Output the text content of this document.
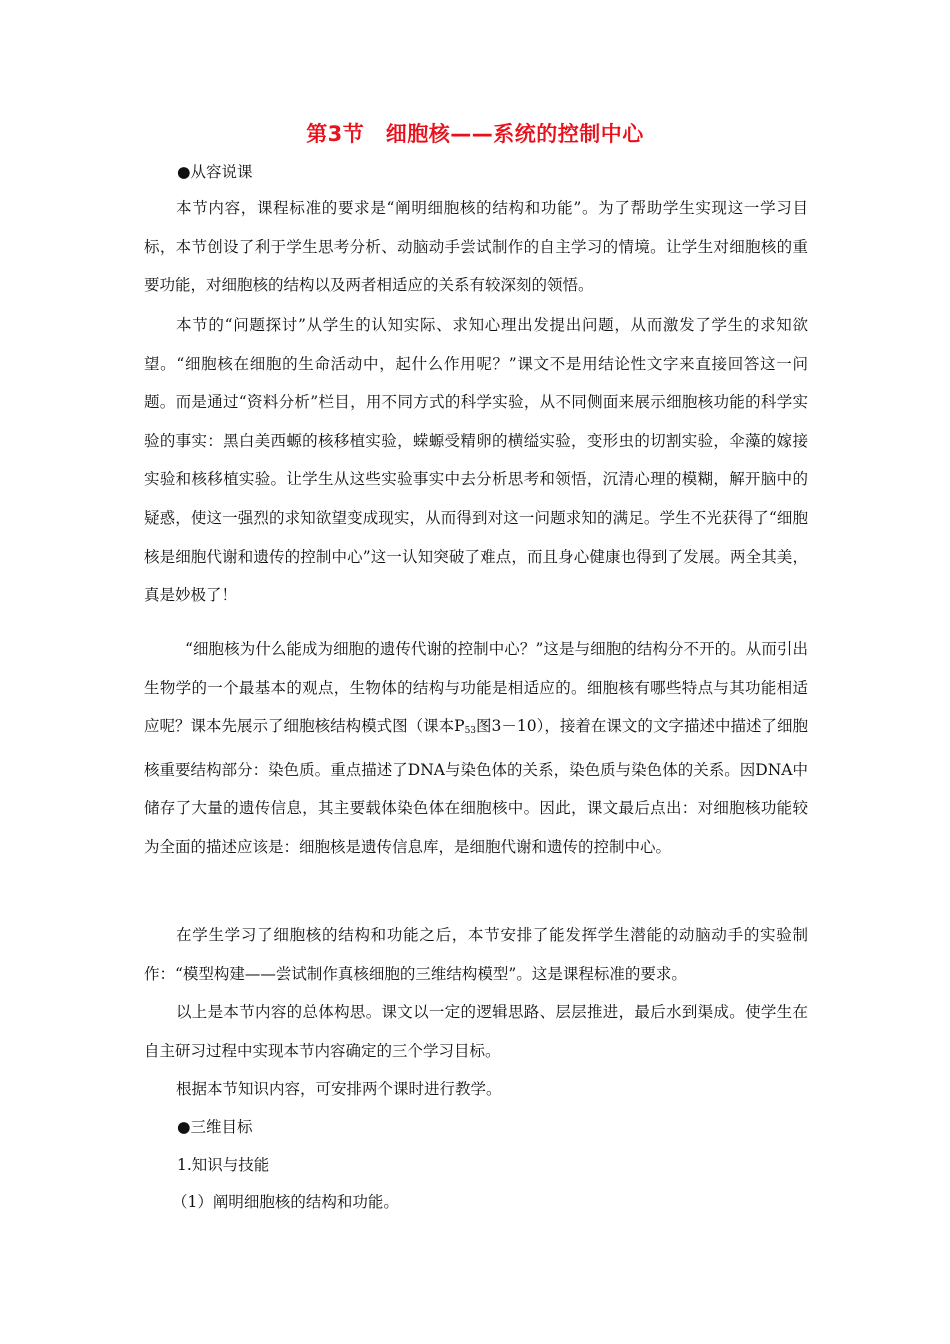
第3节　细胞核——系统的控制中心
●从容说课

本节内容，课程标准的要求是“阐明细胞核的结构和功能”。为了帮助学生实现这一学习目标，本节创设了利于学生思考分析、动脑动手尝试制作的自主学习的情境。让学生对细胞核的重要功能，对细胞核的结构以及两者相适应的关系有较深刻的领悟。

本节的“问题探讨”从学生的认知实际、求知心理出发提出问题，从而激发了学生的求知欲望。“细胞核在细胞的生命活动中，起什么作用呢？”课文不是用结论性文字来直接回答这一问题。而是通过“资料分析”栏目，用不同方式的科学实验，从不同侧面来展示细胞核功能的科学实验的事实：黑白美西螈的核移植实验，蝾螈受精卵的横缢实验，变形虫的切割实验，伞藻的嫁接实验和核移植实验。让学生从这些实验事实中去分析思考和领悟，沉清心理的模糊，解开脑中的疑惑，使这一强烈的求知欲望变成现实，从而得到对这一问题求知的满足。学生不光获得了“细胞核是细胞代谢和遗传的控制中心”这一认知突破了难点，而且身心健康也得到了发展。两全其美，真是妙极了！

“细胞核为什么能成为细胞的遗传代谢的控制中心？”这是与细胞的结构分不开的。从而引出生物学的一个最基本的观点，生物体的结构与功能是相适应的。细胞核有哪些特点与其功能相适应呢？课本先展示了细胞核结构模式图（课本$P_{53}$图3－10），接着在课文的文字描述中描述了细胞核重要结构部分：染色质。重点描述了DNA与染色体的关系，染色质与染色体的关系。因DNA中储存了大量的遗传信息，其主要载体染色体在细胞核中。因此，课文最后点出：对细胞核功能较为全面的描述应该是：细胞核是遗传信息库，是细胞代谢和遗传的控制中心。

在学生学习了细胞核的结构和功能之后，本节安排了能发挥学生潜能的动脑动手的实验制作：“模型构建——尝试制作真核细胞的三维结构模型”。这是课程标准的要求。

以上是本节内容的总体构思。课文以一定的逻辑思路、层层推进，最后水到渠成。使学生在自主研习过程中实现本节内容确定的三个学习目标。

根据本节知识内容，可安排两个课时进行教学。

●三维目标
1.知识与技能
（1）阐明细胞核的结构和功能。
